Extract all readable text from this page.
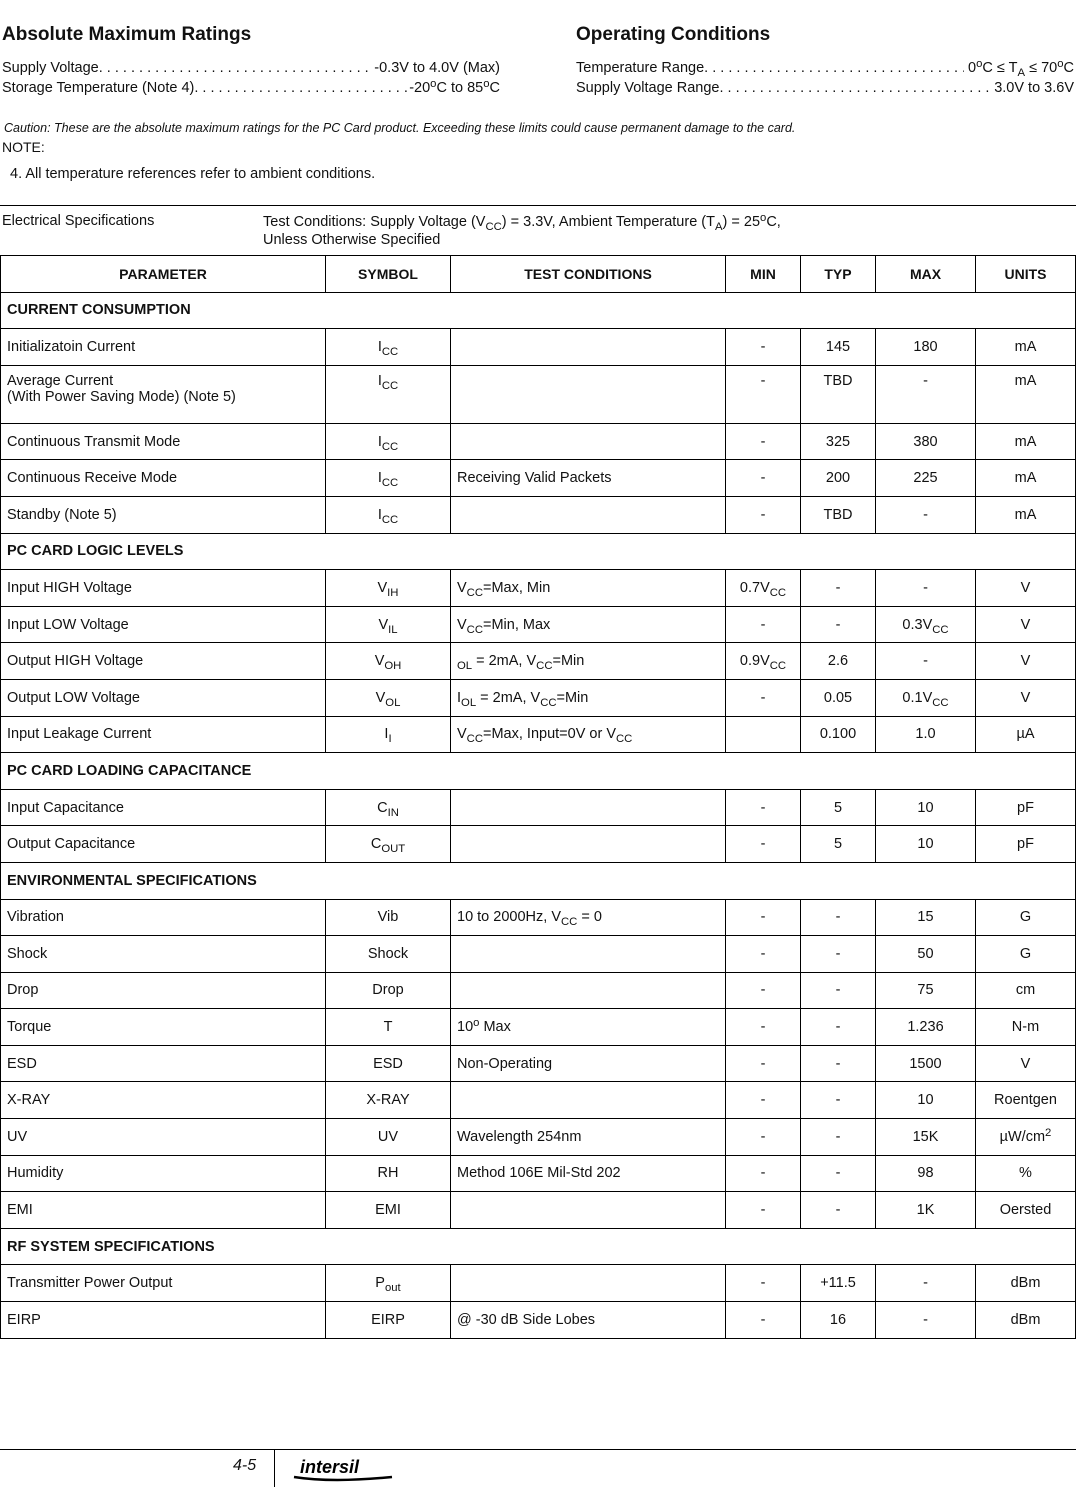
Absolute Maximum Ratings
Supply Voltage . . .	-0.3V to 4.0V (Max)
Storage Temperature (Note 4) . . .	-20$^o$C to 85$^o$C
Operating Conditions
Temperature Range . . .	$0^oC \le T_A \le 70^oC$
Supply Voltage Range . . .	3.0V to 3.6V
Caution: These are the absolute maximum ratings for the PC Card product. Exceeding these limits could cause permanent damage to the card.
NOTE:
4. All temperature references refer to ambient conditions.
Electrical Specifications	Test Conditions: Supply Voltage $(V_{CC}) = 3.3V$, Ambient Temperature $(T_A) = 25^oC$,
Unless Otherwise Specified
PARAMETER	SYMBOL	TEST CONDITIONS	MIN	TYP	MAX	UNITS
CURRENT CONSUMPTION						
Initializatoin Current	$I_{CC}$		-	145	180	mA
Average Current
(With Power Saving Mode) (Note 5)	$I_{CC}$		-	TBD	-	mA
Continuous Transmit Mode	$I_{CC}$		-	325	380	mA
Continuous Receive Mode	$I_{CC}$	Receiving Valid Packets	-	200	225	mA
Standby (Note 5)	$I_{CC}$		-	TBD	-	mA
PC CARD LOGIC LEVELS						
Input HIGH Voltage	$V_{IH}$	$V_{CC}=Max$, Min	$0.7V_{CC}$	-	-	V
Input LOW Voltage	$V_{IL}$	$V_{CC}=Min$, Max	-	-	$0.3V_{CC}$	V
Output HIGH Voltage	$V_{OH}$	$_{OL}$ = 2mA, $V_{CC}=Min$	$0.9V_{CC}$	2.6	-	V
Output LOW Voltage	$V_{OL}$	$I_{OL} = 2mA$, $V_{CC}=Min$	-	0.05	$0.1V_{CC}$	V
Input Leakage Current	$I_I$	$V_{CC}=Max$, Input=0V or $V_{CC}$		0.100	1.0	µA
PC CARD LOADING CAPACITANCE						
Input Capacitance	$C_{IN}$		-	5	10	pF
Output Capacitance	$C_{OUT}$		-	5	10	pF
ENVIRONMENTAL SPECIFICATIONS						
Vibration	Vib	10 to 2000Hz, $V_{CC} = 0$	-	-	15	G
Shock	Shock		-	-	50	G
Drop	Drop		-	-	75	cm
Torque	T	10$^o$ Max	-	-	1.236	N-m
ESD	ESD	Non-Operating	-	-	1500	V
X-RAY	X-RAY		-	-	10	Roentgen
UV	UV	Wavelength 254nm	-	-	15K	$\mu W/cm^2$
Humidity	RH	Method 106E Mil-Std 202	-	-	98	%
EMI	EMI		-	-	1K	Oersted
RF SYSTEM SPECIFICATIONS						
Transmitter Power Output	$P_{out}$		-	+11.5	-	dBm
EIRP	EIRP	@ -30 dB Side Lobes	-	16	-	dBm
4-5 intersil
